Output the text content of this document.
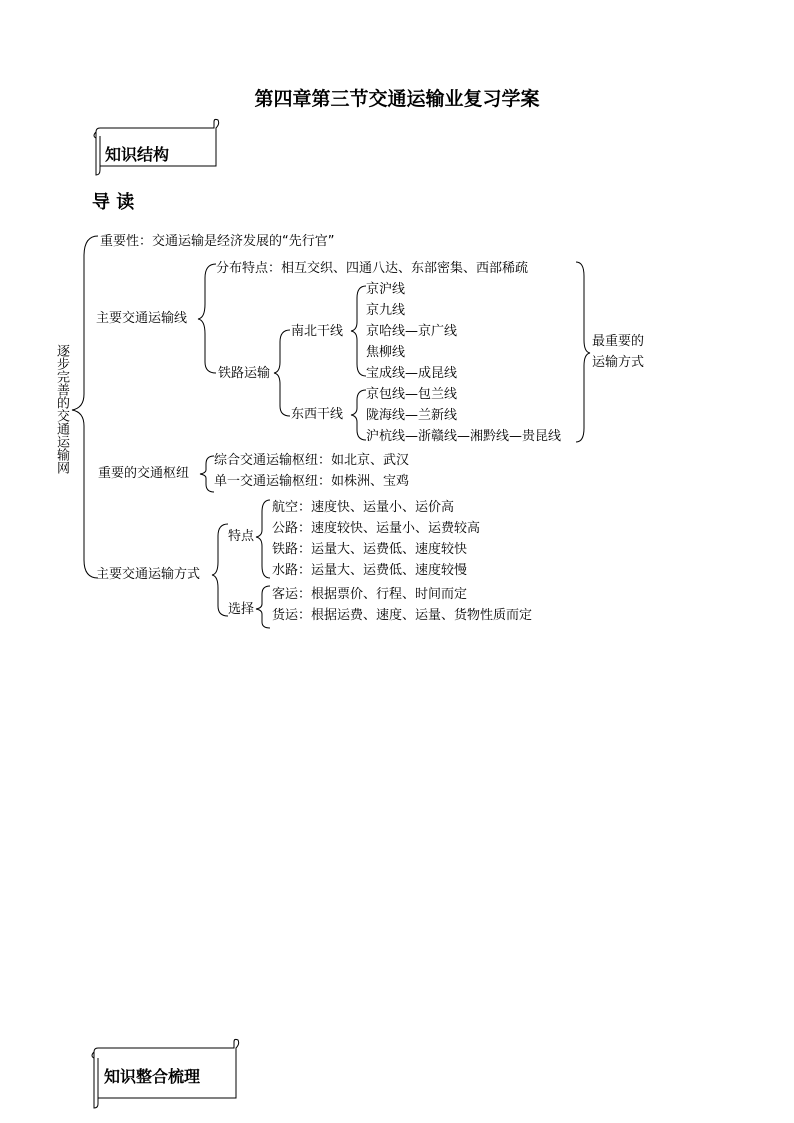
第四章第三节交通运输业复习学案
知识结构
导 读
逐步完善的交通运输网
重要性：交通运输是经济发展的“先行官”
主要交通运输线
重要的交通枢纽
主要交通运输方式
分布特点：相互交织、四通八达、东部密集、西部稀疏
铁路运输
南北干线
东西干线
京沪线
京九线
京哈线—京广线
焦柳线
宝成线—成昆线
京包线—包兰线
陇海线—兰新线
沪杭线—浙赣线—湘黔线—贵昆线
最重要的
运输方式
综合交通运输枢纽：如北京、武汉
单一交通运输枢纽：如株洲、宝鸡
特点
选择
航空：速度快、运量小、运价高
公路：速度较快、运量小、运费较高
铁路：运量大、运费低、速度较快
水路：运量大、运费低、速度较慢
客运：根据票价、行程、时间而定
货运：根据运费、速度、运量、货物性质而定
知识整合梳理
